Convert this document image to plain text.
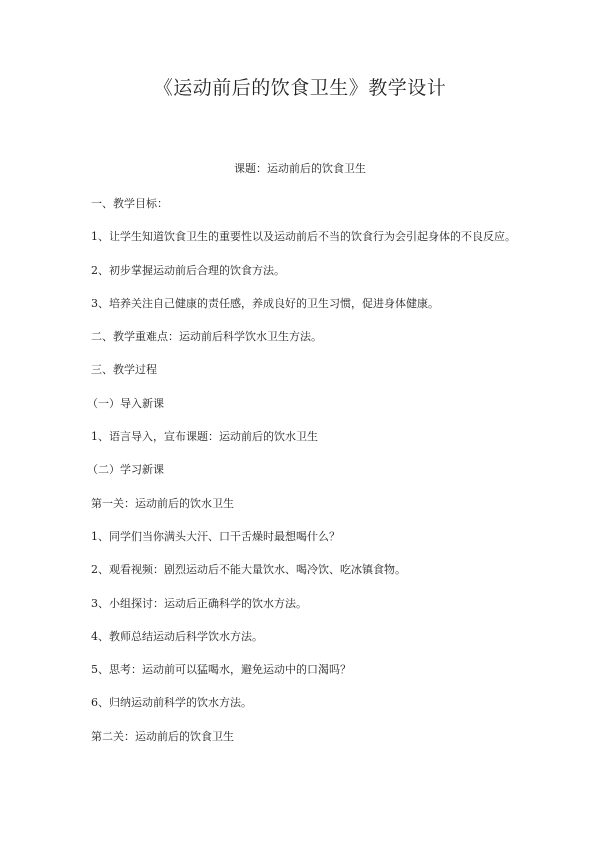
《运动前后的饮食卫生》教学设计
课题：运动前后的饮食卫生
一、教学目标：
1、让学生知道饮食卫生的重要性以及运动前后不当的饮食行为会引起身体的不良反应。
2、初步掌握运动前后合理的饮食方法。
3、培养关注自己健康的责任感，养成良好的卫生习惯，促进身体健康。
二、教学重难点：运动前后科学饮水卫生方法。
三、教学过程
（一）导入新课
1、语言导入，宣布课题：运动前后的饮水卫生
（二）学习新课
第一关：运动前后的饮水卫生
1、同学们当你满头大汗、口干舌燥时最想喝什么？
2、观看视频：剧烈运动后不能大量饮水、喝冷饮、吃冰镇食物。
3、小组探讨：运动后正确科学的饮水方法。
4、教师总结运动后科学饮水方法。
5、思考：运动前可以猛喝水，避免运动中的口渴吗？
6、归纳运动前科学的饮水方法。
第二关：运动前后的饮食卫生
